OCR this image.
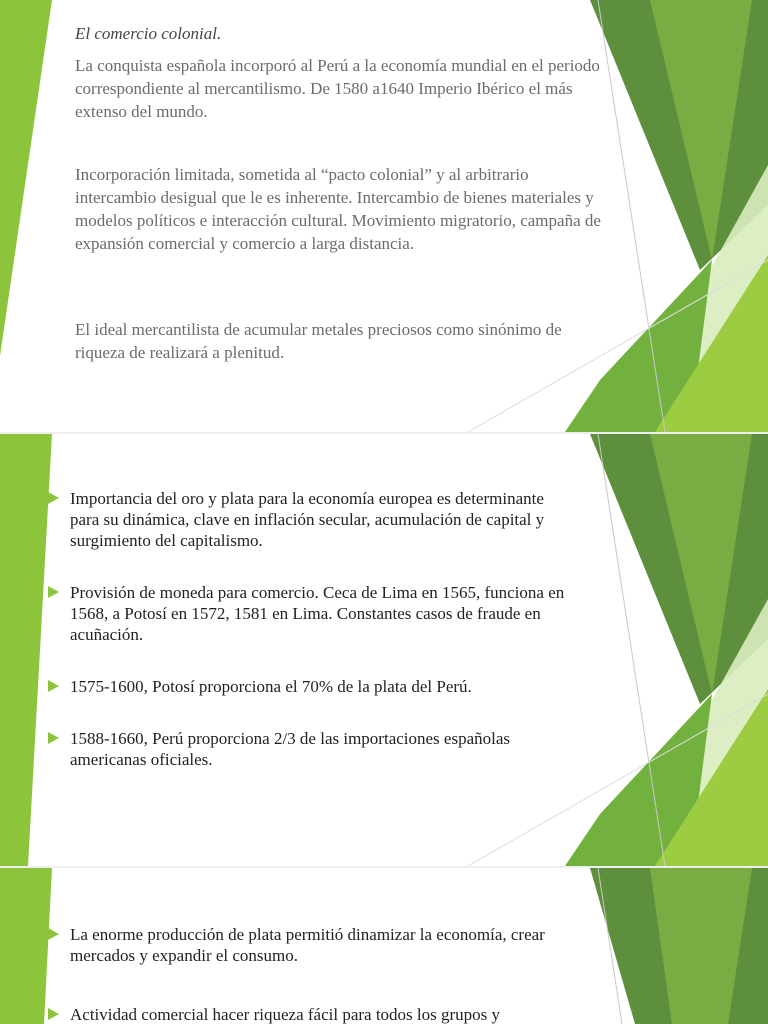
El comercio colonial.

La conquista española incorporó al Perú a la economía mundial en el periodo correspondiente al mercantilismo. De 1580 a1640 Imperio Ibérico el más extenso del mundo.

Incorporación limitada, sometida al “pacto colonial” y al arbitrario intercambio desigual que le es inherente. Intercambio de bienes materiales y modelos políticos e interacción cultural. Movimiento migratorio, campaña de expansión comercial y comercio a larga distancia.

El ideal mercantilista de acumular metales preciosos como sinónimo de riqueza de realizará a plenitud.

Importancia del oro y plata para la economía europea es determinante para su dinámica, clave en inflación secular, acumulación de capital y surgimiento del capitalismo.
Provisión de moneda para comercio. Ceca de Lima en 1565, funciona en 1568, a Potosí en 1572, 1581 en Lima. Constantes casos de fraude en acuñación.
1575-1600, Potosí proporciona el 70% de la plata del Perú.
1588-1660, Perú proporciona 2/3 de las importaciones españolas americanas oficiales.
La enorme producción de plata permitió dinamizar la economía, crear mercados y expandir el consumo.
Actividad comercial hacer riqueza fácil para todos los grupos y
